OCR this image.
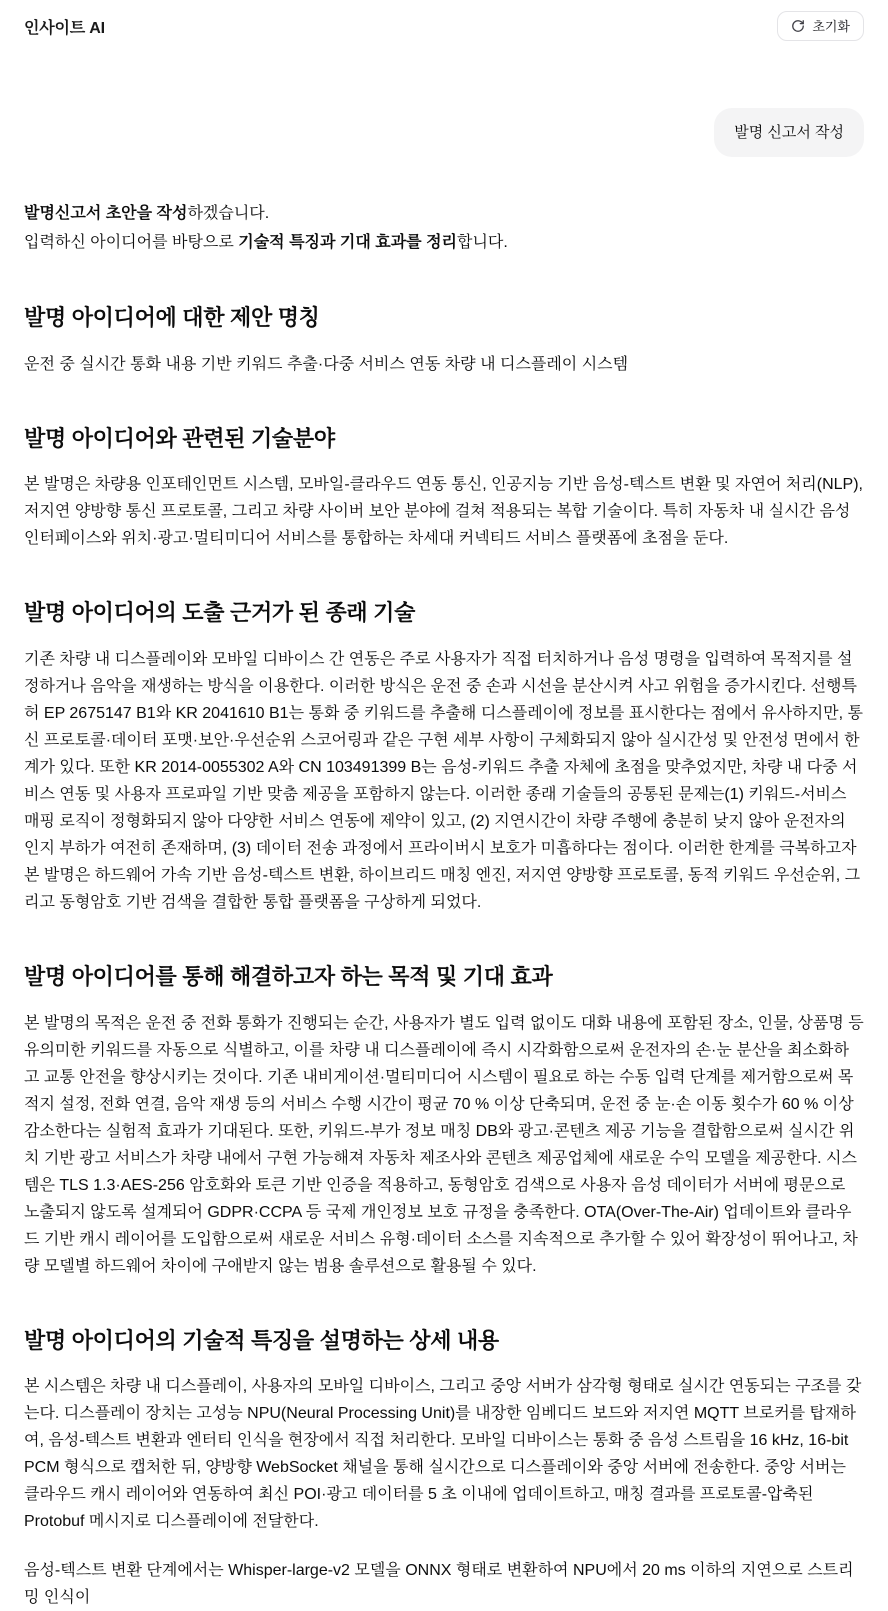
인사이트 AI	초기화
발명 신고서 작성

발명신고서 초안을 작성하겠습니다.

입력하신 아이디어를 바탕으로 기술적 특징과 기대 효과를 정리합니다.

발명 아이디어에 대한 제안 명칭

운전 중 실시간 통화 내용 기반 키워드 추출·다중 서비스 연동 차량 내 디스플레이 시스템

발명 아이디어와 관련된 기술분야

본 발명은 차량용 인포테인먼트 시스템, 모바일-클라우드 연동 통신, 인공지능 기반 음성-텍스트 변환 및 자연어 처리(NLP), 저지연 양방향 통신 프로토콜, 그리고 차량 사이버 보안 분야에 걸쳐 적용되는 복합 기술이다. 특히 자동차 내 실시간 음성 인터페이스와 위치·광고·멀티미디어 서비스를 통합하는 차세대 커넥티드 서비스 플랫폼에 초점을 둔다.

발명 아이디어의 도출 근거가 된 종래 기술

기존 차량 내 디스플레이와 모바일 디바이스 간 연동은 주로 사용자가 직접 터치하거나 음성 명령을 입력하여 목적지를 설정하거나 음악을 재생하는 방식을 이용한다. 이러한 방식은 운전 중 손과 시선을 분산시켜 사고 위험을 증가시킨다. 선행특허 EP 2675147 B1와 KR 2041610 B1는 통화 중 키워드를 추출해 디스플레이에 정보를 표시한다는 점에서 유사하지만, 통신 프로토콜·데이터 포맷·보안·우선순위 스코어링과 같은 구현 세부 사항이 구체화되지 않아 실시간성 및 안전성 면에서 한계가 있다. 또한 KR 2014-0055302 A와 CN 103491399 B는 음성-키워드 추출 자체에 초점을 맞추었지만, 차량 내 다중 서비스 연동 및 사용자 프로파일 기반 맞춤 제공을 포함하지 않는다. 이러한 종래 기술들의 공통된 문제는(1) 키워드-서비스 매핑 로직이 정형화되지 않아 다양한 서비스 연동에 제약이 있고, (2) 지연시간이 차량 주행에 충분히 낮지 않아 운전자의 인지 부하가 여전히 존재하며, (3) 데이터 전송 과정에서 프라이버시 보호가 미흡하다는 점이다. 이러한 한계를 극복하고자 본 발명은 하드웨어 가속 기반 음성-텍스트 변환, 하이브리드 매칭 엔진, 저지연 양방향 프로토콜, 동적 키워드 우선순위, 그리고 동형암호 기반 검색을 결합한 통합 플랫폼을 구상하게 되었다.

발명 아이디어를 통해 해결하고자 하는 목적 및 기대 효과

본 발명의 목적은 운전 중 전화 통화가 진행되는 순간, 사용자가 별도 입력 없이도 대화 내용에 포함된 장소, 인물, 상품명 등 유의미한 키워드를 자동으로 식별하고, 이를 차량 내 디스플레이에 즉시 시각화함으로써 운전자의 손·눈 분산을 최소화하고 교통 안전을 향상시키는 것이다. 기존 내비게이션·멀티미디어 시스템이 필요로 하는 수동 입력 단계를 제거함으로써 목적지 설정, 전화 연결, 음악 재생 등의 서비스 수행 시간이 평균 70 % 이상 단축되며, 운전 중 눈·손 이동 횟수가 60 % 이상 감소한다는 실험적 효과가 기대된다. 또한, 키워드-부가 정보 매칭 DB와 광고·콘텐츠 제공 기능을 결합함으로써 실시간 위치 기반 광고 서비스가 차량 내에서 구현 가능해져 자동차 제조사와 콘텐츠 제공업체에 새로운 수익 모델을 제공한다. 시스템은 TLS 1.3·AES-256 암호화와 토큰 기반 인증을 적용하고, 동형암호 검색으로 사용자 음성 데이터가 서버에 평문으로 노출되지 않도록 설계되어 GDPR·CCPA 등 국제 개인정보 보호 규정을 충족한다. OTA(Over-The-Air) 업데이트와 클라우드 기반 캐시 레이어를 도입함으로써 새로운 서비스 유형·데이터 소스를 지속적으로 추가할 수 있어 확장성이 뛰어나고, 차량 모델별 하드웨어 차이에 구애받지 않는 범용 솔루션으로 활용될 수 있다.

발명 아이디어의 기술적 특징을 설명하는 상세 내용

본 시스템은 차량 내 디스플레이, 사용자의 모바일 디바이스, 그리고 중앙 서버가 삼각형 형태로 실시간 연동되는 구조를 갖는다. 디스플레이 장치는 고성능 NPU(Neural Processing Unit)를 내장한 임베디드 보드와 저지연 MQTT 브로커를 탑재하여, 음성-텍스트 변환과 엔터티 인식을 현장에서 직접 처리한다. 모바일 디바이스는 통화 중 음성 스트림을 16 kHz, 16-bit PCM 형식으로 캡처한 뒤, 양방향 WebSocket 채널을 통해 실시간으로 디스플레이와 중앙 서버에 전송한다. 중앙 서버는 클라우드 캐시 레이어와 연동하여 최신 POI·광고 데이터를 5 초 이내에 업데이트하고, 매칭 결과를 프로토콜-압축된 Protobuf 메시지로 디스플레이에 전달한다.

음성-텍스트 변환 단계에서는 Whisper-large-v2 모델을 ONNX 형태로 변환하여 NPU에서 20 ms 이하의 지연으로 스트리밍 인식이
